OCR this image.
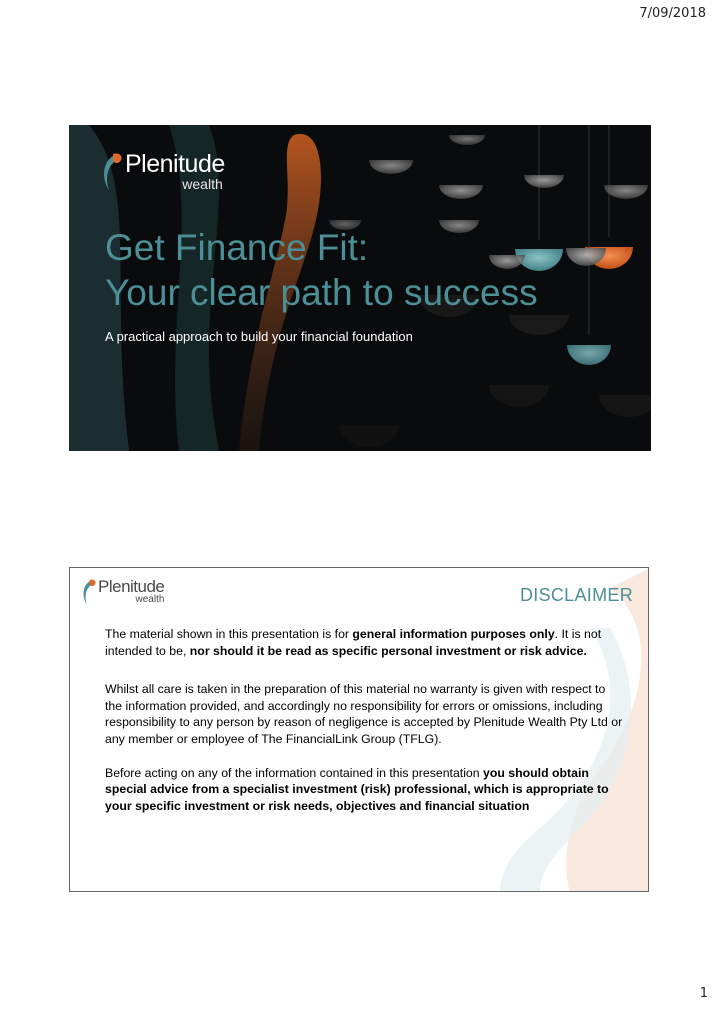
7/09/2018
Plenitude
wealth
Get Finance Fit:
Your clear path to success
A practical approach to build your financial foundation
Plenitude
wealth	DISCLAIMER

The material shown in this presentation is for general information purposes only. It is not intended to be, nor should it be read as specific personal investment or risk advice.

Whilst all care is taken in the preparation of this material no warranty is given with respect to the information provided, and accordingly no responsibility for errors or omissions, including responsibility to any person by reason of negligence is accepted by Plenitude Wealth Pty Ltd or any member or employee of The FinancialLink Group (TFLG).

Before acting on any of the information contained in this presentation you should obtain special advice from a specialist investment (risk) professional, which is appropriate to your specific investment or risk needs, objectives and financial situation

1
